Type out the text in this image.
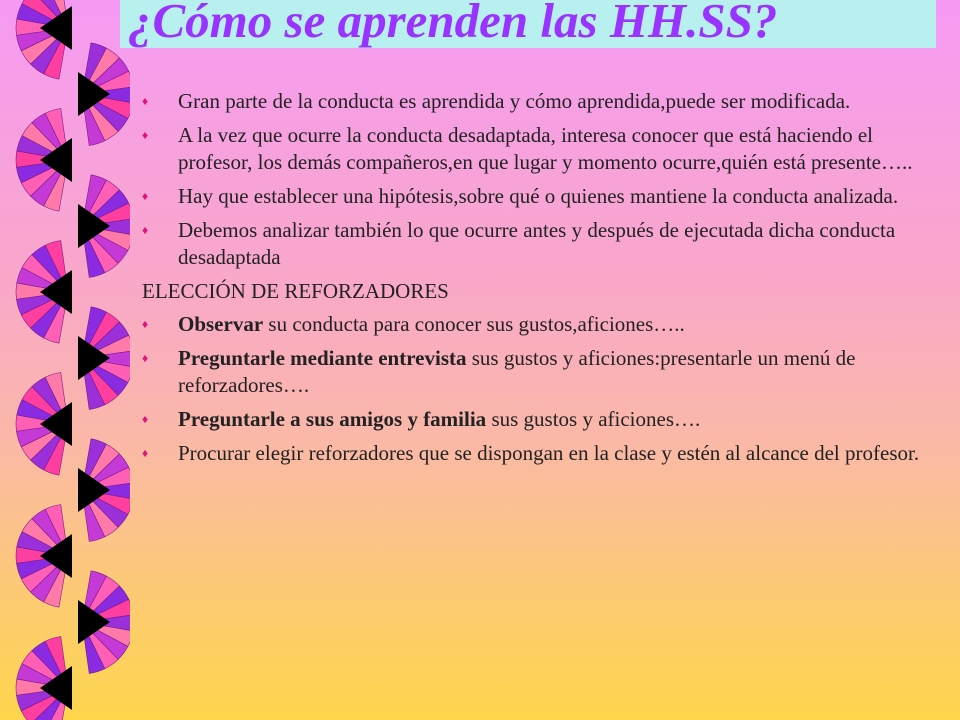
¿Cómo se aprenden las HH.SS?
♦ Gran parte de la conducta es aprendida y cómo aprendida,puede ser modificada.
♦ A la vez que ocurre la conducta desadaptada, interesa conocer que está haciendo el profesor, los demás compañeros,en que lugar y momento ocurre,quién está presente…..
♦ Hay que establecer una hipótesis,sobre qué o quienes mantiene la conducta analizada.
♦ Debemos analizar también lo que ocurre antes y después de ejecutada dicha conducta desadaptada
ELECCIÓN DE REFORZADORES
♦ Observar su conducta para conocer sus gustos,aficiones…..
♦ Preguntarle mediante entrevista sus gustos y aficiones:presentarle un menú de reforzadores….
♦ Preguntarle a sus amigos y familia sus gustos y aficiones….
♦ Procurar elegir reforzadores que se dispongan en la clase y estén al alcance del profesor.
